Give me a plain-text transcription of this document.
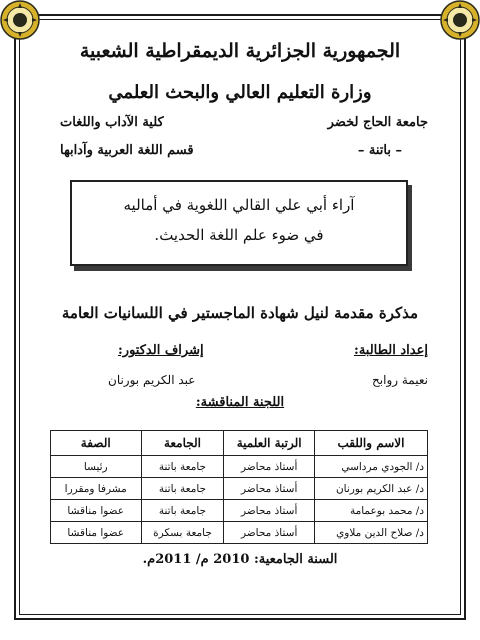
الجمهورية الجزائرية الديمقراطية الشعبية
وزارة التعليم العالي والبحث العلمي
جامعة الحاج لخضر
كلية الآداب واللغات
– باتنة –
قسم اللغة العربية وآدابها
آراء أبي علي القالي اللغوية في أماليه
في ضوء علم اللغة الحديث.
مذكرة مقدمة لنيل شهادة الماجستير في اللسانيات العامة
إعداد الطالبة:
إشراف الدكتور:
نعيمة روابح
عبد الكريم بورنان
اللجنة المناقشة:
الاسم واللقب	الرتبة العلمية	الجامعة	الصفة
د/ الجودي مرداسي	أستاذ محاضر	جامعة باتنة	رئيسا
د/ عبد الكريم بورنان	أستاذ محاضر	جامعة باتنة	مشرفا ومقررا
د/ محمد بوعمامة	أستاذ محاضر	جامعة باتنة	عضوا مناقشا
د/ صلاح الدين ملاوي	أستاذ محاضر	جامعة بسكرة	عضوا مناقشا
السنة الجامعية: 2010 م/ 2011م.
